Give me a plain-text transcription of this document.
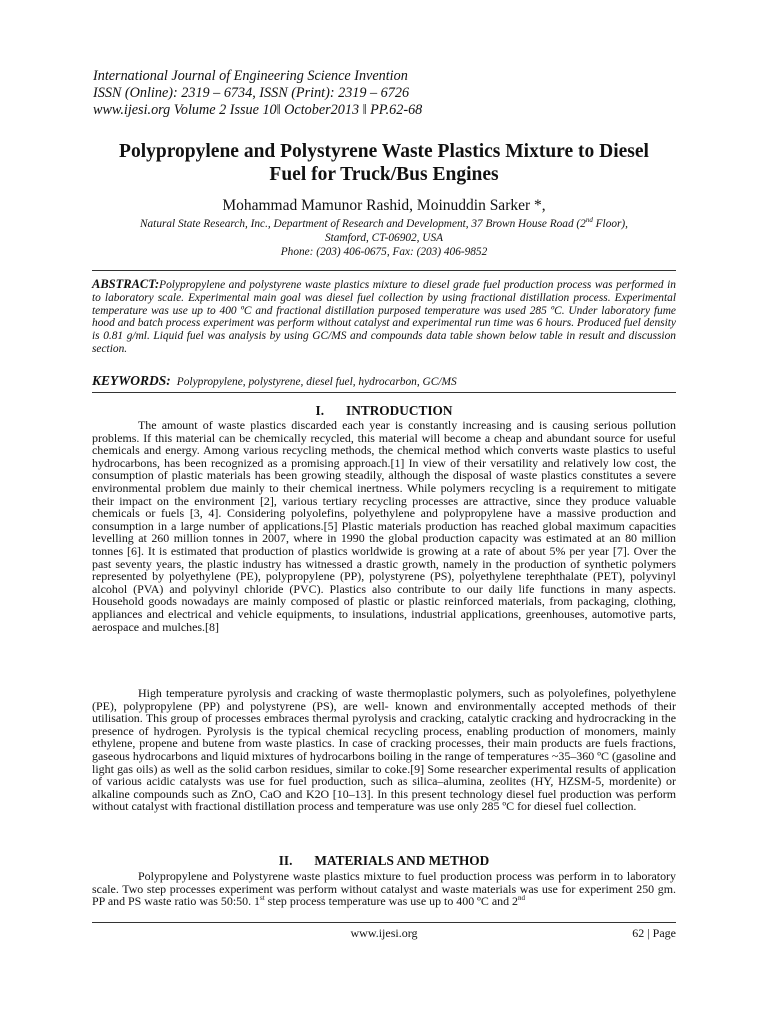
International Journal of Engineering Science Invention
ISSN (Online): 2319 – 6734, ISSN (Print): 2319 – 6726
www.ijesi.org Volume 2 Issue 10ǁ October2013 ǁ PP.62-68
Polypropylene and Polystyrene Waste Plastics Mixture to Diesel
Fuel for Truck/Bus Engines
Mohammad Mamunor Rashid, Moinuddin Sarker *,
Natural State Research, Inc., Department of Research and Development, 37 Brown House Road (2nd Floor),
Stamford, CT-06902, USA
Phone: (203) 406-0675, Fax: (203) 406-9852
ABSTRACT:Polypropylene and polystyrene waste plastics mixture to diesel grade fuel production process was performed in to laboratory scale. Experimental main goal was diesel fuel collection by using fractional distillation process. Experimental temperature was use up to 400 ºC and fractional distillation purposed temperature was used 285 ºC. Under laboratory fume hood and batch process experiment was perform without catalyst and experimental run time was 6 hours. Produced fuel density is 0.81 g/ml. Liquid fuel was analysis by using GC/MS and compounds data table shown below table in result and discussion section.
KEYWORDS: Polypropylene, polystyrene, diesel fuel, hydrocarbon, GC/MS
I. INTRODUCTION

The amount of waste plastics discarded each year is constantly increasing and is causing serious pollution problems. If this material can be chemically recycled, this material will become a cheap and abundant source for useful chemicals and energy. Among various recycling methods, the chemical method which converts waste plastics to useful hydrocarbons, has been recognized as a promising approach.[1] In view of their versatility and relatively low cost, the consumption of plastic materials has been growing steadily, although the disposal of waste plastics constitutes a severe environmental problem due mainly to their chemical inertness. While polymers recycling is a requirement to mitigate their impact on the environment [2], various tertiary recycling processes are attractive, since they produce valuable chemicals or fuels [3, 4]. Considering polyolefins, polyethylene and polypropylene have a massive production and consumption in a large number of applications.[5] Plastic materials production has reached global maximum capacities levelling at 260 million tonnes in 2007, where in 1990 the global production capacity was estimated at an 80 million tonnes [6]. It is estimated that production of plastics worldwide is growing at a rate of about 5% per year [7]. Over the past seventy years, the plastic industry has witnessed a drastic growth, namely in the production of synthetic polymers represented by polyethylene (PE), polypropylene (PP), polystyrene (PS), polyethylene terephthalate (PET), polyvinyl alcohol (PVA) and polyvinyl chloride (PVC). Plastics also contribute to our daily life functions in many aspects. Household goods nowadays are mainly composed of plastic or plastic reinforced materials, from packaging, clothing, appliances and electrical and vehicle equipments, to insulations, industrial applications, greenhouses, automotive parts, aerospace and mulches.[8]

High temperature pyrolysis and cracking of waste thermoplastic polymers, such as polyolefines, polyethylene (PE), polypropylene (PP) and polystyrene (PS), are well- known and environmentally accepted methods of their utilisation. This group of processes embraces thermal pyrolysis and cracking, catalytic cracking and hydrocracking in the presence of hydrogen. Pyrolysis is the typical chemical recycling process, enabling production of monomers, mainly ethylene, propene and butene from waste plastics. In case of cracking processes, their main products are fuels fractions, gaseous hydrocarbons and liquid mixtures of hydrocarbons boiling in the range of temperatures ~35–360 ºC (gasoline and light gas oils) as well as the solid carbon residues, similar to coke.[9] Some researcher experimental results of application of various acidic catalysts was use for fuel production, such as silica–alumina, zeolites (HY, HZSM-5, mordenite) or alkaline compounds such as ZnO, CaO and K2O [10–13]. In this present technology diesel fuel production was perform without catalyst with fractional distillation process and temperature was use only 285 ºC for diesel fuel collection.

II. MATERIALS AND METHOD

Polypropylene and Polystyrene waste plastics mixture to fuel production process was perform in to laboratory scale. Two step processes experiment was perform without catalyst and waste materials was use for experiment 250 gm. PP and PS waste ratio was 50:50. 1st step process temperature was use up to 400 ºC and 2nd

www.ijesi.org	62 | Page
